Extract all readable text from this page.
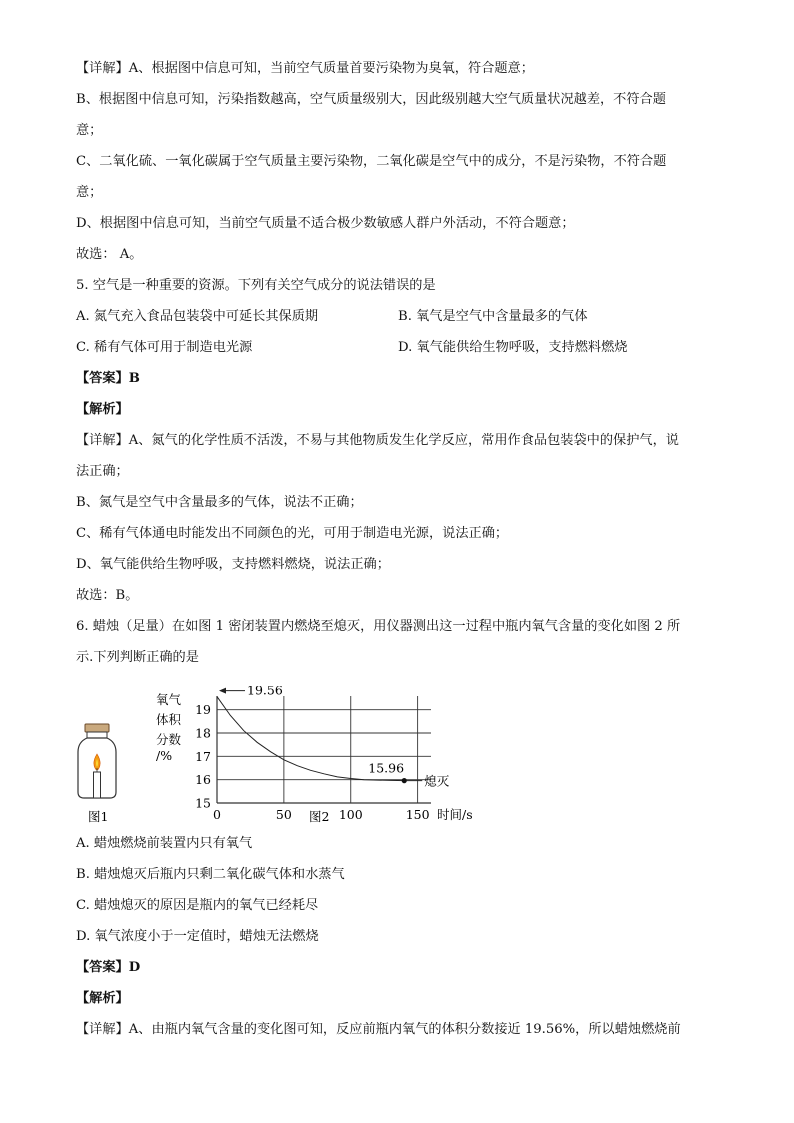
【详解】A、根据图中信息可知，当前空气质量首要污染物为臭氧，符合题意；
B、根据图中信息可知，污染指数越高，空气质量级别大，因此级别越大空气质量状况越差，不符合题
意；
C、二氧化硫、一氧化碳属于空气质量主要污染物，二氧化碳是空气中的成分，不是污染物，不符合题
意；
D、根据图中信息可知，当前空气质量不适合极少数敏感人群户外活动，不符合题意；
故选： A。
5. 空气是一种重要的资源。下列有关空气成分的说法错误的是
A. 氮气充入食品包装袋中可延长其保质期	B. 氧气是空气中含量最多的气体
C. 稀有气体可用于制造电光源	D. 氧气能供给生物呼吸，支持燃料燃烧
【答案】B
【解析】
【详解】A、氮气的化学性质不活泼，不易与其他物质发生化学反应，常用作食品包装袋中的保护气，说
法正确；
B、氮气是空气中含量最多的气体，说法不正确；
C、稀有气体通电时能发出不同颜色的光，可用于制造电光源，说法正确；
D、氧气能供给生物呼吸，支持燃料燃烧，说法正确；
故选：B。
6. 蜡烛（足量）在如图 1 密闭装置内燃烧至熄灭，用仪器测出这一过程中瓶内氧气含量的变化如图 2 所
示.下列判断正确的是
图1	图2
氧气
体积
分数
/%
19
18
17
16
15
0	50	100	150
19.56
15.96
熄灭
时间/s
A. 蜡烛燃烧前装置内只有氧气
B. 蜡烛熄灭后瓶内只剩二氧化碳气体和水蒸气
C. 蜡烛熄灭的原因是瓶内的氧气已经耗尽
D. 氧气浓度小于一定值时，蜡烛无法燃烧
【答案】D
【解析】
【详解】A、由瓶内氧气含量的变化图可知，反应前瓶内氧气的体积分数接近 19.56%，所以蜡烛燃烧前
